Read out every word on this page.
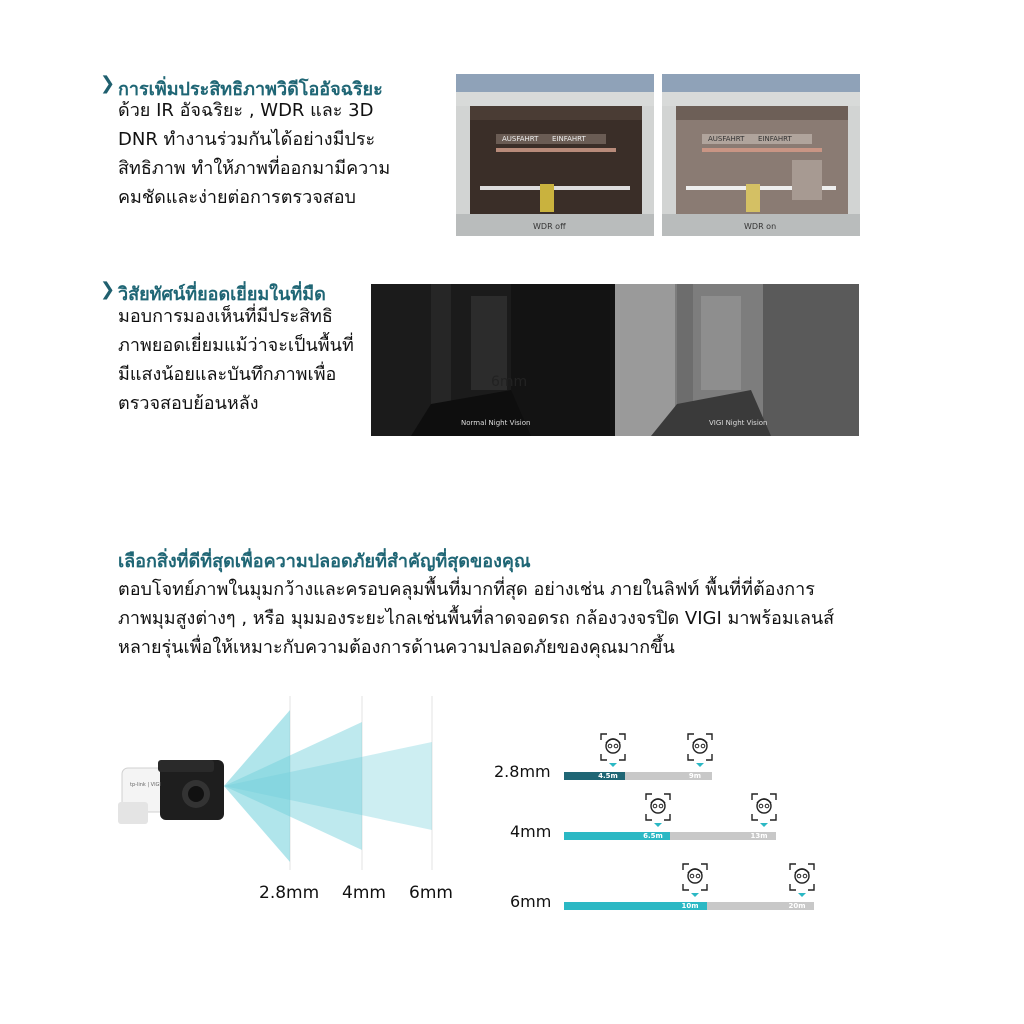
❯ การเพิ่มประสิทธิภาพวิดีโออัจฉริยะ
ด้วย IR อัจฉริยะ , WDR และ 3D
DNR ทำงานร่วมกันได้อย่างมีประ
สิทธิภาพ ทำให้ภาพที่ออกมามีความ
คมชัดและง่ายต่อการตรวจสอบ
AUSFAHRT EINFAHRT
WDR off
AUSFAHRT EINFAHRT
WDR on
❯ วิสัยทัศน์ที่ยอดเยี่ยมในที่มืด
มอบการมองเห็นที่มีประสิทธิ
ภาพยอดเยี่ยมแม้ว่าจะเป็นพื้นที่
มีแสงน้อยและบันทึกภาพเพื่อ
ตรวจสอบย้อนหลัง
6mm
Normal Night Vision	VIGI Night Vision
เลือกสิ่งที่ดีที่สุดเพื่อความปลอดภัยที่สำคัญที่สุดของคุณ
ตอบโจทย์ภาพในมุมกว้างและครอบคลุมพื้นที่มากที่สุด อย่างเช่น ภายในลิฟท์ พื้นที่ที่ต้องการ
ภาพมุมสูงต่างๆ , หรือ มุมมองระยะไกลเช่นพื้นที่ลาดจอดรถ กล้องวงจรปิด VIGI มาพร้อมเลนส์
หลายรุ่นเพื่อให้เหมาะกับความต้องการด้านความปลอดภัยของคุณมากขึ้น
tp-link | VIGI
2.8mm 4mm 6mm
2.8mm	4.5m	9m
4mm	6.5m	13m
6mm	10m	20m
